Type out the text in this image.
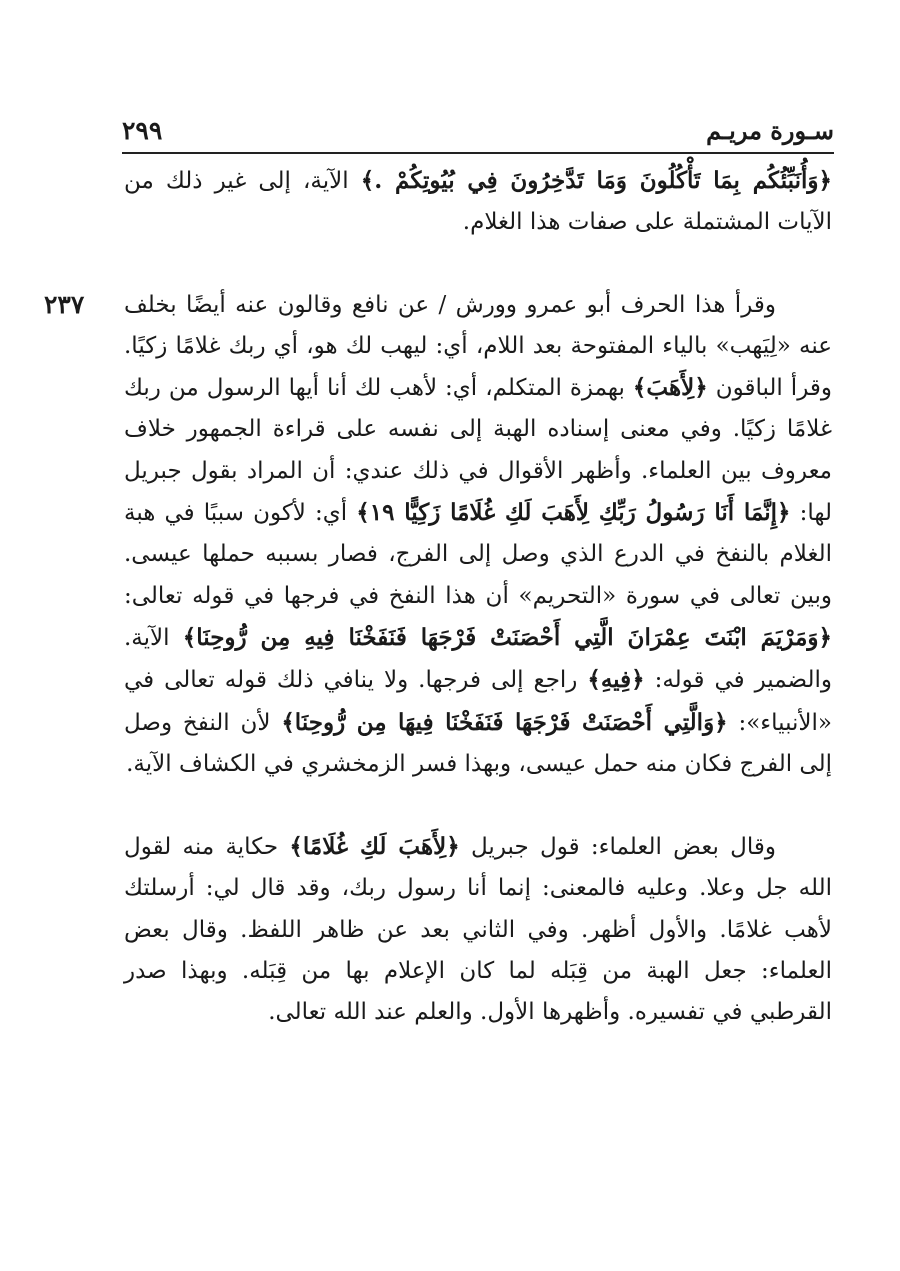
سـورة مريـم
٢٩٩
٢٣٧

﴿وَأُنَبِّئُكُم بِمَا تَأْكُلُونَ وَمَا تَدَّخِرُونَ فِي بُيُوتِكُمْ .﴾ الآية، إلى غير ذلك من الآيات المشتملة على صفات هذا الغلام.

وقرأ هذا الحرف أبو عمرو وورش / عن نافع وقالون عنه أيضًا بخلف عنه «لِيَهب» بالياء المفتوحة بعد اللام، أي: ليهب لك هو، أي ربك غلامًا زكيًا. وقرأ الباقون ﴿لِأَهَبَ﴾ بهمزة المتكلم، أي: لأهب لك أنا أيها الرسول من ربك غلامًا زكيًا. وفي معنى إسناده الهبة إلى نفسه على قراءة الجمهور خلاف معروف بين العلماء. وأظهر الأقوال في ذلك عندي: أن المراد بقول جبريل لها: ﴿إِنَّمَا أَنَا رَسُولُ رَبِّكِ لِأَهَبَ لَكِ غُلَامًا زَكِيًّا ١٩﴾ أي: لأكون سببًا في هبة الغلام بالنفخ في الدرع الذي وصل إلى الفرج، فصار بسببه حملها عيسى. وبين تعالى في سورة «التحريم» أن هذا النفخ في فرجها في قوله تعالى: ﴿وَمَرْيَمَ ابْنَتَ عِمْرَانَ الَّتِي أَحْصَنَتْ فَرْجَهَا فَنَفَخْنَا فِيهِ مِن رُّوحِنَا﴾ الآية. والضمير في قوله: ﴿فِيهِ﴾ راجع إلى فرجها. ولا ينافي ذلك قوله تعالى في «الأنبياء»: ﴿وَالَّتِي أَحْصَنَتْ فَرْجَهَا فَنَفَخْنَا فِيهَا مِن رُّوحِنَا﴾ لأن النفخ وصل إلى الفرج فكان منه حمل عيسى، وبهذا فسر الزمخشري في الكشاف الآية.

وقال بعض العلماء: قول جبريل ﴿لِأَهَبَ لَكِ غُلَامًا﴾ حكاية منه لقول الله جل وعلا. وعليه فالمعنى: إنما أنا رسول ربك، وقد قال لي: أرسلتك لأهب غلامًا. والأول أظهر. وفي الثاني بعد عن ظاهر اللفظ. وقال بعض العلماء: جعل الهبة من قِبَله لما كان الإعلام بها من قِبَله. وبهذا صدر القرطبي في تفسيره. وأظهرها الأول. والعلم عند الله تعالى.
